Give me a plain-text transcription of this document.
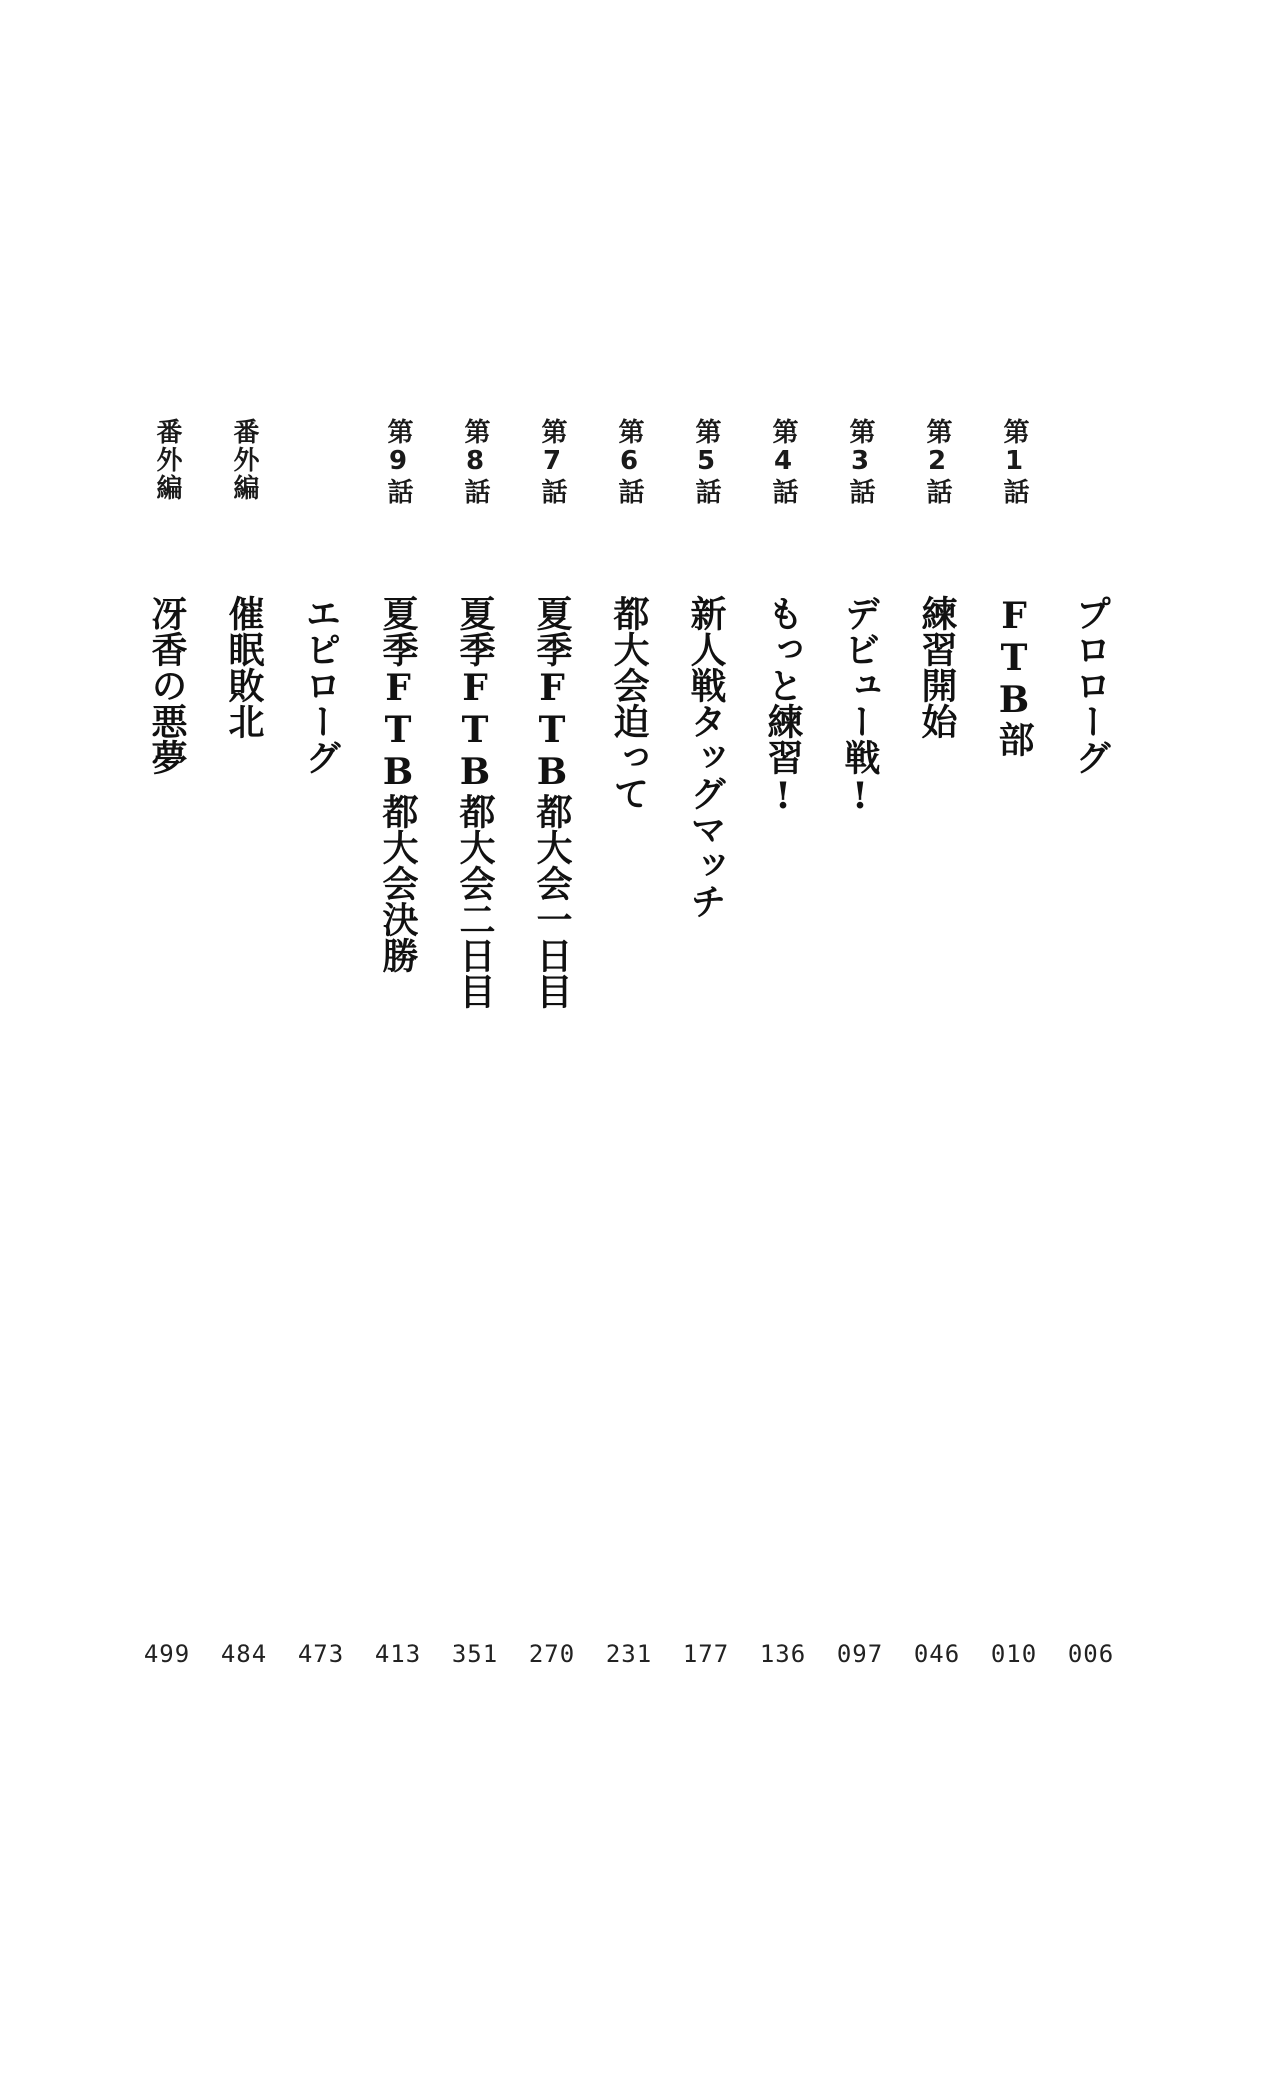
プロローグ
006
第1話
FTB部
010
第2話
練習開始
046
第3話
デビュー戦!
097
第4話
もっと練習!
136
第5話
新人戦タッグマッチ
177
第6話
都大会迫って
231
第7話
夏季FTB都大会一日目
270
第8話
夏季FTB都大会二日目
351
第9話
夏季FTB都大会決勝
413
エピローグ
473
番外編
催眠敗北
484
番外編
冴香の悪夢
499
